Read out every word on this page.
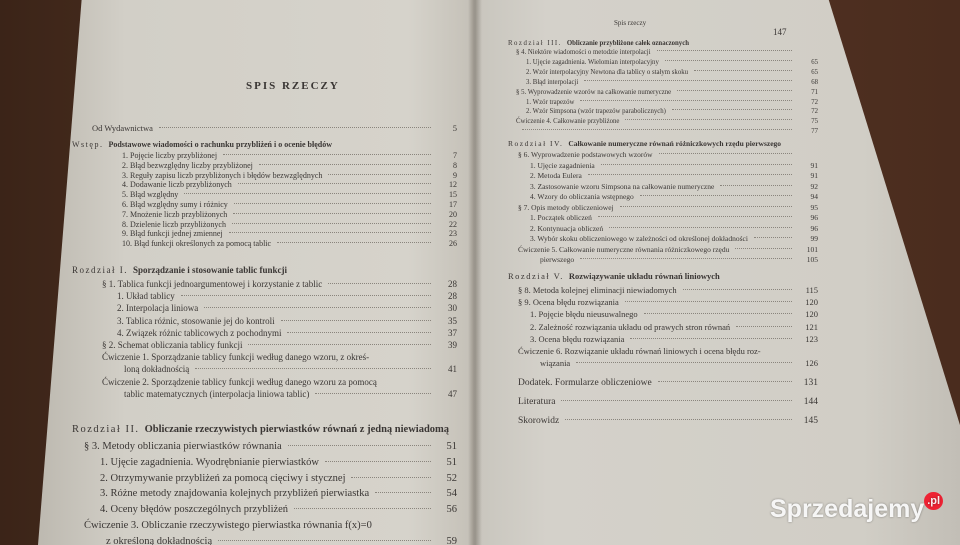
SPIS RZECZY
Spis rzeczy
147
Od Wydawnictwa	5
Wstęp. Podstawowe wiadomości o rachunku przybliżeń i o ocenie błędów
1. Pojęcie liczby przybliżonej	7
2. Błąd bezwzględny liczby przybliżonej	8
3. Reguły zapisu liczb przybliżonych i błędów bezwzględnych	9
4. Dodawanie liczb przybliżonych	12
5. Błąd względny	15
6. Błąd względny sumy i różnicy	17
7. Mnożenie liczb przybliżonych	20
8. Dzielenie liczb przybliżonych	22
9. Błąd funkcji jednej zmiennej	23
10. Błąd funkcji określonych za pomocą tablic	26
Rozdział I. Sporządzanie i stosowanie tablic funkcji
§ 1. Tablica funkcji jednoargumentowej i korzystanie z tablic	28
1. Układ tablicy	28
2. Interpolacja liniowa	30
3. Tablica różnic, stosowanie jej do kontroli	35
4. Związek różnic tablicowych z pochodnymi	37
§ 2. Schemat obliczania tablicy funkcji	39
Ćwiczenie 1. Sporządzanie tablicy funkcji według danego wzoru, z okreś-
loną dokładnością	41
Ćwiczenie 2. Sporządzenie tablicy funkcji według danego wzoru za pomocą
tablic matematycznych (interpolacja liniowa tablic)	47
Rozdział II. Obliczanie rzeczywistych pierwiastków równań z jedną niewiadomą
§ 3. Metody obliczania pierwiastków równania	51
1. Ujęcie zagadnienia. Wyodrębnianie pierwiastków	51
2. Otrzymywanie przybliżeń za pomocą cięciwy i stycznej	52
3. Różne metody znajdowania kolejnych przybliżeń pierwiastka	54
4. Oceny błędów poszczególnych przybliżeń	56
Ćwiczenie 3. Obliczanie rzeczywistego pierwiastka równania f(x)=0
z określoną dokładnością	59
Rozdział III. Obliczanie przybliżone całek oznaczonych
§ 4. Niektóre wiadomości o metodzie interpolacji
1. Ujęcie zagadnienia. Wielomian interpolacyjny	65
2. Wzór interpolacyjny Newtona dla tablicy o stałym skoku	65
3. Błąd interpolacji	68
§ 5. Wyprowadzenie wzorów na całkowanie numeryczne	71
1. Wzór trapezów	72
2. Wzór Simpsona (wzór trapezów parabolicznych)	72
Ćwiczenie 4. Całkowanie przybliżone	75
77
Rozdział IV. Całkowanie numeryczne równań różniczkowych rzędu pierwszego
§ 6. Wyprowadzenie podstawowych wzorów
1. Ujęcie zagadnienia	91
2. Metoda Eulera	91
3. Zastosowanie wzoru Simpsona na całkowanie numeryczne	92
4. Wzory do obliczania wstępnego	94
§ 7. Opis metody obliczeniowej	95
1. Początek obliczeń	96
2. Kontynuacja obliczeń	96
3. Wybór skoku obliczeniowego w zależności od określonej dokładności	99
Ćwiczenie 5. Całkowanie numeryczne równania różniczkowego rzędu	101
pierwszego	105
Rozdział V. Rozwiązywanie układu równań liniowych
§ 8. Metoda kolejnej eliminacji niewiadomych	115
§ 9. Ocena błędu rozwiązania	120
1. Pojęcie błędu nieusuwalnego	120
2. Zależność rozwiązania układu od prawych stron równań	121
3. Ocena błędu rozwiązania	123
Ćwiczenie 6. Rozwiązanie układu równań liniowych i ocena błędu roz-
wiązania	126
Dodatek. Formularze obliczeniowe	131
Literatura	144
Skorowidz	145
Sprzedajemy $^{.pl}$
